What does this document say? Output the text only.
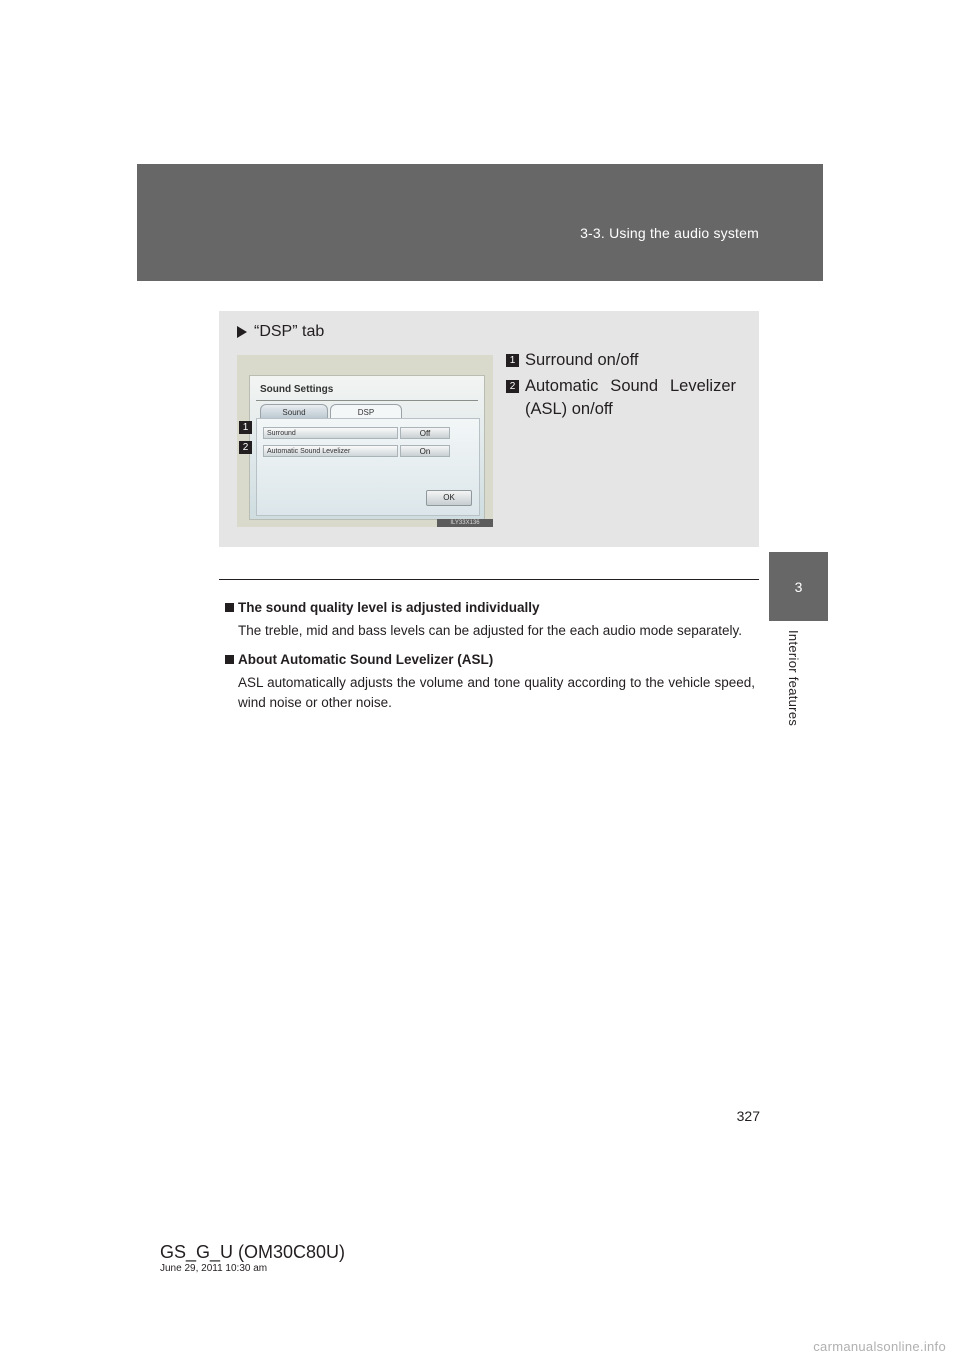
3-3. Using the audio system
3
Interior features
“DSP” tab
1 Surround on/off
2 Automatic Sound Levelizer
(ASL) on/off
Sound Settings
Sound	DSP
Surround	Off
Automatic Sound Levelizer	On
OK
1
2
ILY33X136
The sound quality level is adjusted individually
The treble, mid and bass levels can be adjusted for the each audio mode separately.
About Automatic Sound Levelizer (ASL)
ASL automatically adjusts the volume and tone quality according to the vehicle speed, wind noise or other noise.
327
GS_G_U (OM30C80U)
June 29, 2011 10:30 am
carmanualsonline.info
